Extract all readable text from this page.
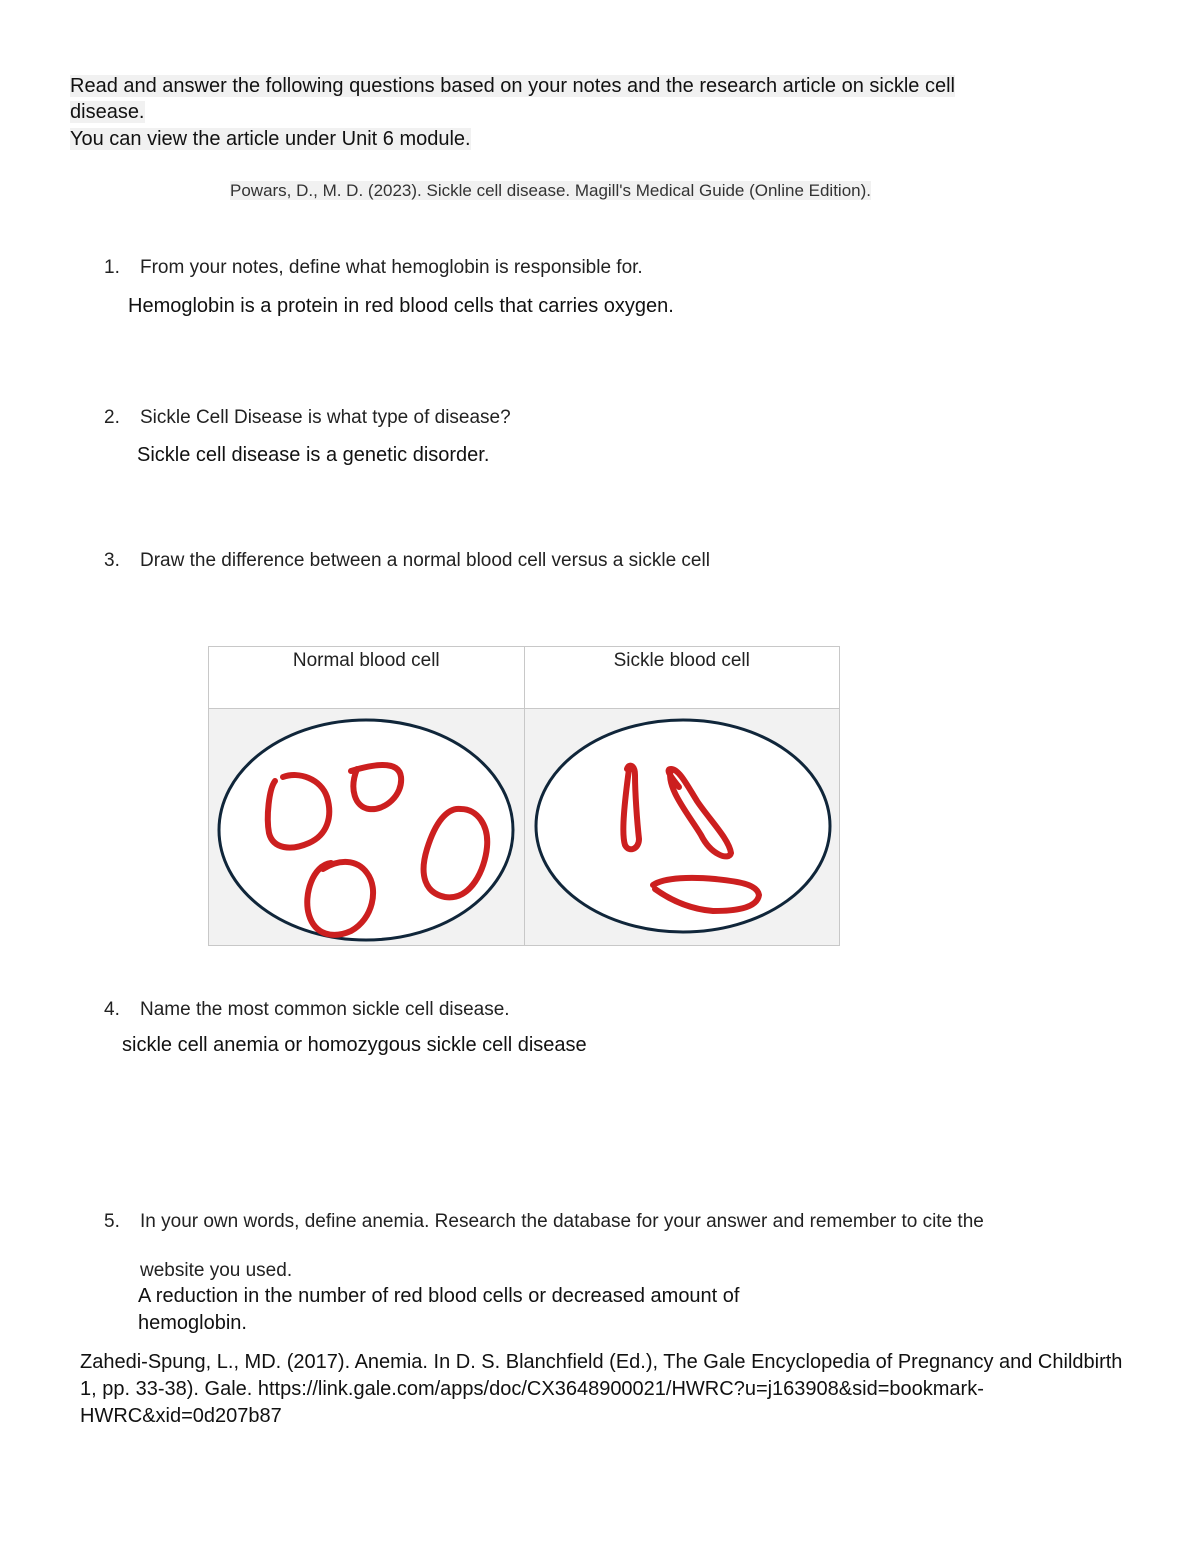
Read and answer the following questions based on your notes and the research article on sickle cell
disease.
You can view the article under Unit 6 module.
Powars, D., M. D. (2023). Sickle cell disease. Magill's Medical Guide (Online Edition).
1. From your notes, define what hemoglobin is responsible for.
Hemoglobin is a protein in red blood cells that carries oxygen.
2. Sickle Cell Disease is what type of disease?
Sickle cell disease is a genetic disorder.
3. Draw the difference between a normal blood cell versus a sickle cell
Normal blood cell	Sickle blood cell

4. Name the most common sickle cell disease.
sickle cell anemia or homozygous sickle cell disease
5. In your own words, define anemia. Research the database for your answer and remember to cite the
website you used.
A reduction in the number of red blood cells or decreased amount of
hemoglobin.
Zahedi-Spung, L., MD. (2017). Anemia. In D. S. Blanchfield (Ed.), The Gale Encyclopedia of Pregnancy and Childbirth
1, pp. 33-38). Gale. https://link.gale.com/apps/doc/CX3648900021/HWRC?u=j163908&sid=bookmark-
HWRC&xid=0d207b87
